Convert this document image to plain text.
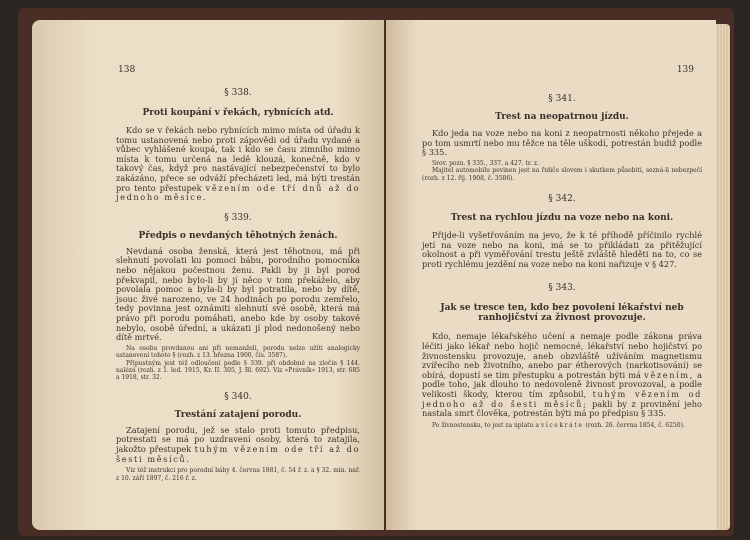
138

§ 338.

Proti koupání v řekách, rybnících atd.

Kdo se v řekách nebo rybnících mimo místa od úřadu k tomu ustanovená nebo proti zápovědi od úřadu vydané a vůbec vyhlášené koupá, tak i kdo se času zimního mimo místa k tomu určená na ledě klouzá, konečně, kdo v takový čas, když pro nastávající nebezpečenství to bylo zakázáno, přece se odváží přecházeti led, má býti trestán pro tento přestupek vězením ode tří dnů až do jednoho měsíce.

§ 339.

Předpis o nevdaných těhotných ženách.

Nevdaná osoba ženská, která jest těhotnou, má při slehnutí povolati ku pomoci bábu, porodního pomocníka nebo nějakou počestnou ženu. Pakli by ji byl porod překvapil, nebo bylo-li by jí něco v tom překáželo, aby povolala pomoc a byla-li by byl potratila, nebo by dítě, jsouc živé narozeno, ve 24 hodinách po porodu zemřelo, tedy povinna jest oznámiti slehnutí své osobě, která má právo při porodu pomáhati, anebo kde by osoby takové nebylo, osobě úřední, a ukázati jí plod nedonošený nebo dítě mrtvé.

Na osobu provdanou ani při nemanželi, porodu nelze užíti analogicky ustanovení tohoto § (rozh. z 13. března 1900, čís. 3587).

Připustným jest též odloučení podle § 339. při obdobně na zločin § 144. nalézá (rozh. z 1. led. 1915, Kr. II. 305, J. Bl. 692). Viz »Právník« 1913, str. 685 a 1918, str. 32.

§ 340.

Trestání zatajení porodu.

Zatajení porodu, jež se stalo proti tomuto předpisu, potrestati se má po uzdravení osoby, která to zatajila, jakožto přestupek tuhým vězením ode tří až do šesti měsíců.

Viz též instrukci pro porodní báby 4. června 1881, č. 54 ř. z. a § 32. min. nař. z 10. září 1897, č. 216 ř. z.

139

§ 341.

Trest na neopatrnou jízdu.

Kdo jeda na voze nebo na koni z neopatrnosti někoho přejede a po tom usmrtí nebo mu těžce na těle uškodí, potrestán budiž podle § 335.

Srov. pozn. § 335., 337. a 427. tr. z.

Majitel automobilu povinen jest na řidiče slovem i skutkem působiti, sezná-li nebezpečí (rozh. z 12. říj. 1908, č. 3586).

§ 342.

Trest na rychlou jízdu na voze nebo na koni.

Přijde-li vyšetřováním na jevo, že k té příhodě příčinilo rychlé jetí na voze nebo na koni, má se to přikládati za přitěžující okolnost a při vyměřování trestu ještě zvláště hleděti na to, co se proti rychlému jezdění na voze nebo na koni nařizuje v § 427.

§ 343.

Jak se tresce ten, kdo bez povolení lékařství neb ranhojičství za živnost provozuje.

Kdo, nemaje lékařského učení a nemaje podle zákona práva léčiti jako lékař nebo hojič nemocné, lékařství nebo hojičství po živnostensku provozuje, aneb obzvláště užíváním magnetismu zvířecího neb životního, anebo par étherových (narkotisování) se obírá, dopustí se tím přestupku a potrestán býti má vězením, a podle toho, jak dlouho to nedovoleně živnost provozoval, a podle velikosti škody, kterou tím způsobil, tuhým vězením od jednoho až do šesti měsíců; pakli by z provinění jeho nastala smrt člověka, potrestán býti má po předpisu § 335.

Po živnostensku, to jest za úplatu a vícekráte (rozh. 26. června 1854, č. 6250).
